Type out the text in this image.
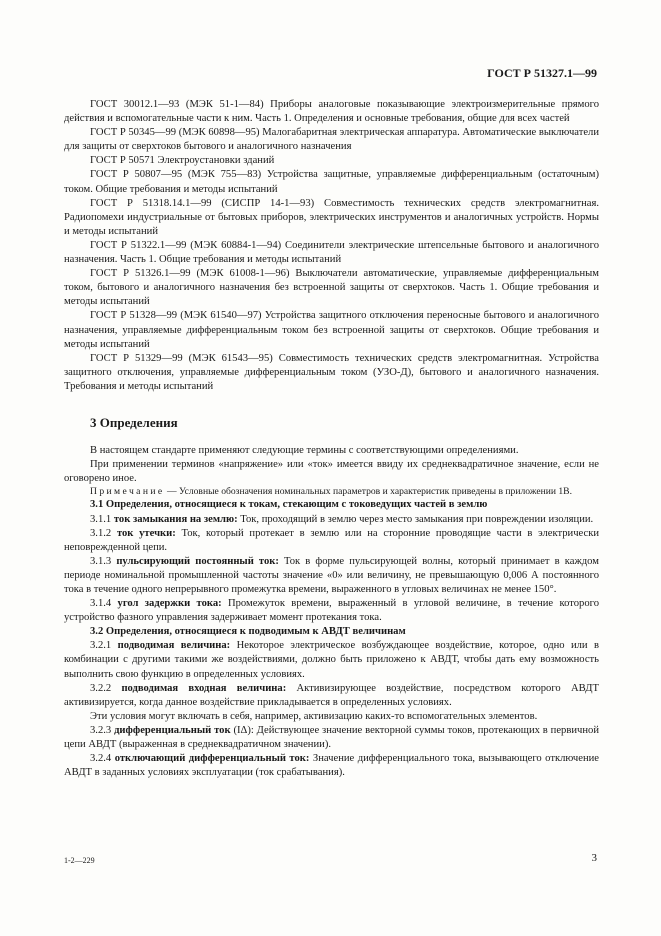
ГОСТ Р 51327.1—99

ГОСТ 30012.1—93 (МЭК 51-1—84) Приборы аналоговые показывающие электроизмерительные прямого действия и вспомогательные части к ним. Часть 1. Определения и основные требования, общие для всех частей

ГОСТ Р 50345—99 (МЭК 60898—95) Малогабаритная электрическая аппаратура. Автоматические выключатели для защиты от сверхтоков бытового и аналогичного назначения

ГОСТ Р 50571 Электроустановки зданий

ГОСТ Р 50807—95 (МЭК 755—83) Устройства защитные, управляемые дифференциальным (остаточным) током. Общие требования и методы испытаний

ГОСТ Р 51318.14.1—99 (СИСПР 14-1—93) Совместимость технических средств электромагнитная. Радиопомехи индустриальные от бытовых приборов, электрических инструментов и аналогичных устройств. Нормы и методы испытаний

ГОСТ Р 51322.1—99 (МЭК 60884-1—94) Соединители электрические штепсельные бытового и аналогичного назначения. Часть 1. Общие требования и методы испытаний

ГОСТ Р 51326.1—99 (МЭК 61008-1—96) Выключатели автоматические, управляемые дифференциальным током, бытового и аналогичного назначения без встроенной защиты от сверхтоков. Часть 1. Общие требования и методы испытаний

ГОСТ Р 51328—99 (МЭК 61540—97) Устройства защитного отключения переносные бытового и аналогичного назначения, управляемые дифференциальным током без встроенной защиты от сверхтоков. Общие требования и методы испытаний

ГОСТ Р 51329—99 (МЭК 61543—95) Совместимость технических средств электромагнитная. Устройства защитного отключения, управляемые дифференциальным током (УЗО-Д), бытового и аналогичного назначения. Требования и методы испытаний

3 Определения

В настоящем стандарте применяют следующие термины с соответствующими определениями.

При применении терминов «напряжение» или «ток» имеется ввиду их среднеквадратичное значение, если не оговорено иное.

Примечание — Условные обозначения номинальных параметров и характеристик приведены в приложении 1В.

3.1 Определения, относящиеся к токам, стекающим с токоведущих частей в землю

3.1.1 ток замыкания на землю: Ток, проходящий в землю через место замыкания при повреждении изоляции.

3.1.2 ток утечки: Ток, который протекает в землю или на сторонние проводящие части в электрически неповрежденной цепи.

3.1.3 пульсирующий постоянный ток: Ток в форме пульсирующей волны, который принимает в каждом периоде номинальной промышленной частоты значение «0» или величину, не превышающую 0,006 А постоянного тока в течение одного непрерывного промежутка времени, выраженного в угловых величинах не менее 150°.

3.1.4 угол задержки тока: Промежуток времени, выраженный в угловой величине, в течение которого устройство фазного управления задерживает момент протекания тока.

3.2 Определения, относящиеся к подводимым к АВДТ величинам

3.2.1 подводимая величина: Некоторое электрическое возбуждающее воздействие, которое, одно или в комбинации с другими такими же воздействиями, должно быть приложено к АВДТ, чтобы дать ему возможность выполнить свою функцию в определенных условиях.

3.2.2 подводимая входная величина: Активизирующее воздействие, посредством которого АВДТ активизируется, когда данное воздействие прикладывается в определенных условиях.

Эти условия могут включать в себя, например, активизацию каких-то вспомогательных элементов.

3.2.3 дифференциальный ток (IΔ): Действующее значение векторной суммы токов, протекающих в первичной цепи АВДТ (выраженная в среднеквадратичном значении).

3.2.4 отключающий дифференциальный ток: Значение дифференциального тока, вызывающего отключение АВДТ в заданных условиях эксплуатации (ток срабатывания).

1-2—229	3
